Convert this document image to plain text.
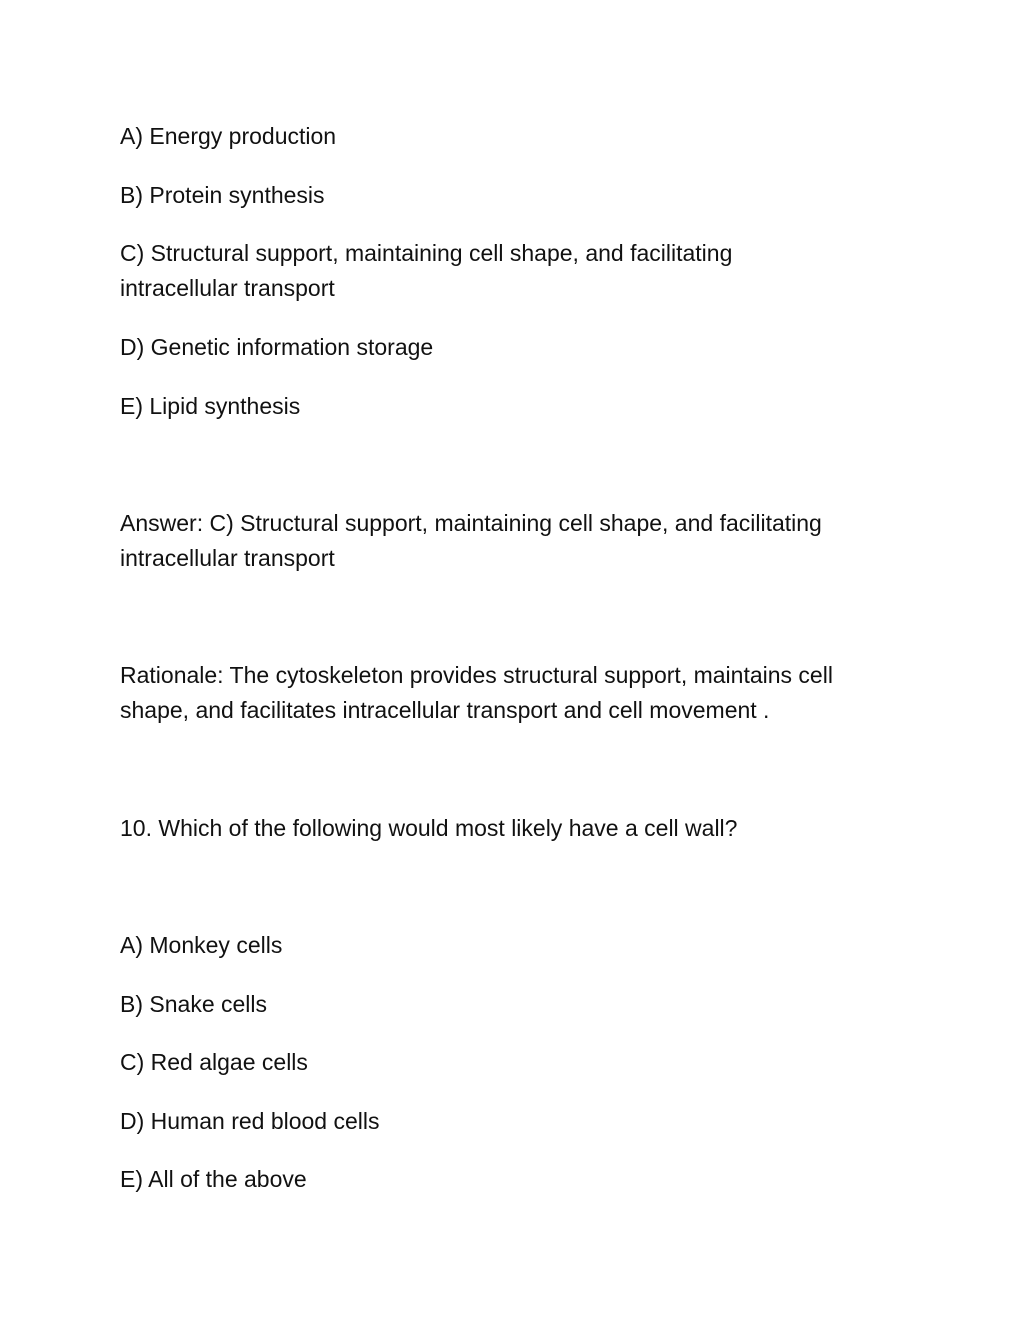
A) Energy production

B) Protein synthesis

C) Structural support, maintaining cell shape, and facilitating intracellular transport

D) Genetic information storage

E) Lipid synthesis

Answer: C) Structural support, maintaining cell shape, and facilitating intracellular transport

Rationale: The cytoskeleton provides structural support, maintains cell shape, and facilitates intracellular transport and cell movement .

10. Which of the following would most likely have a cell wall?

A) Monkey cells

B) Snake cells

C) Red algae cells

D) Human red blood cells

E) All of the above
